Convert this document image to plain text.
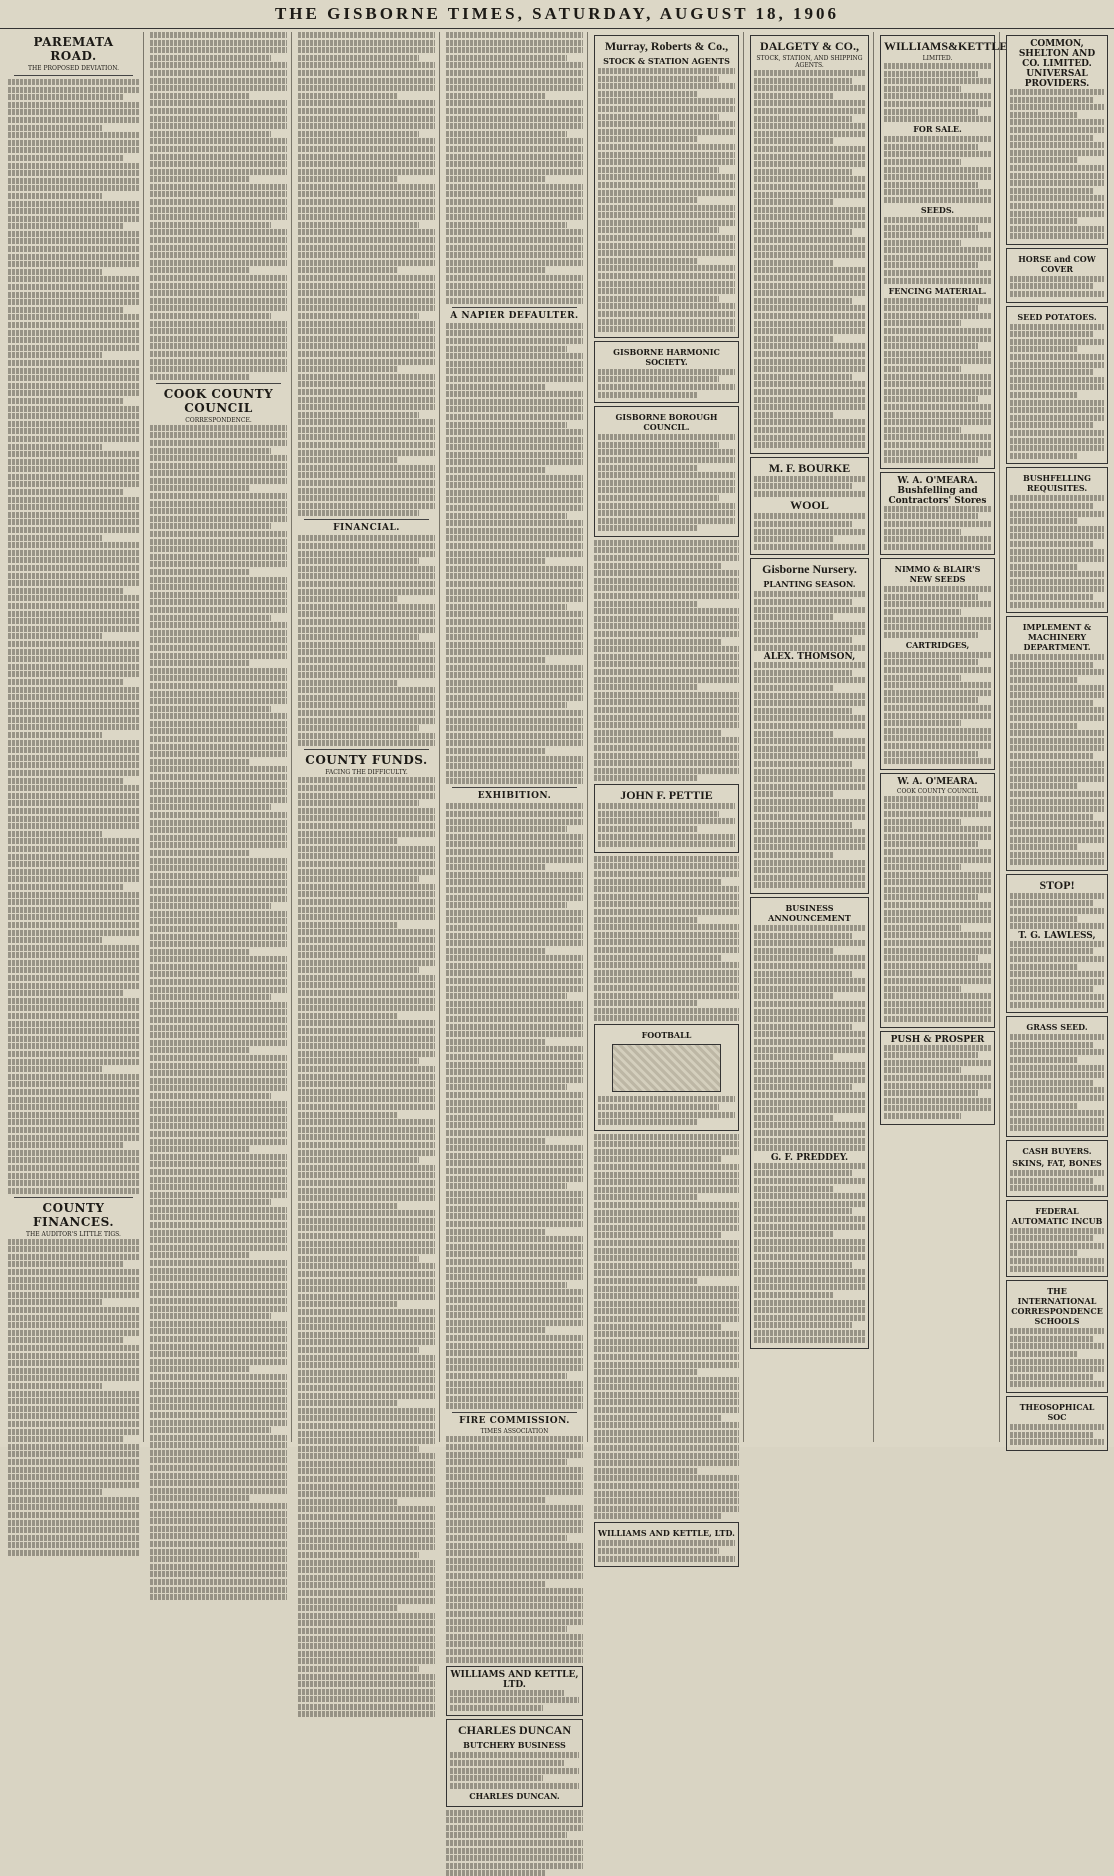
THE GISBORNE TIMES, SATURDAY, AUGUST 18, 1906
PAREMATA ROAD.
THE PROPOSED DEVIATION.
COUNTY FINANCES.
THE AUDITOR'S LITTLE TIGS.
COOK COUNTY COUNCIL
CORRESPONDENCE.
FINANCIAL.
COUNTY FUNDS.
FACING THE DIFFICULTY.
A NAPIER DEFAULTER.
EXHIBITION.
FIRE COMMISSION.
TIMES ASSOCIATION
WILLIAMS AND KETTLE, LTD.
CHARLES DUNCAN
BUTCHERY BUSINESS
CHARLES DUNCAN.
Murray, Roberts & Co.,
STOCK & STATION AGENTS
GISBORNE HARMONIC SOCIETY.
GISBORNE BOROUGH COUNCIL.
JOHN F. PETTIE
FOOTBALL
WILLIAMS AND KETTLE, LTD.
DALGETY & CO.,
STOCK, STATION, AND SHIPPING AGENTS.
M. F. BOURKE
WOOL
Gisborne Nursery.
PLANTING SEASON.
ALEX. THOMSON,
BUSINESS ANNOUNCEMENT
G. F. PREDDEY.
WILLIAMS&KETTLE
LIMITED.
FOR SALE.
SEEDS.
FENCING MATERIAL.
W. A. O'MEARA.
Bushfelling and Contractors' Stores
NIMMO & BLAIR'S NEW SEEDS
CARTRIDGES,
W. A. O'MEARA.
COOK COUNTY COUNCIL
PUSH & PROSPER
COMMON, SHELTON AND CO. LIMITED.
UNIVERSAL PROVIDERS.
HORSE and COW COVER
SEED POTATOES.
BUSHFELLING REQUISITES.
IMPLEMENT & MACHINERY DEPARTMENT.
STOP!
T. G. LAWLESS,
GRASS SEED.
CASH BUYERS.
SKINS, FAT, BONES
FEDERAL AUTOMATIC INCUB
THE INTERNATIONAL CORRESPONDENCE SCHOOLS
THEOSOPHICAL SOC
